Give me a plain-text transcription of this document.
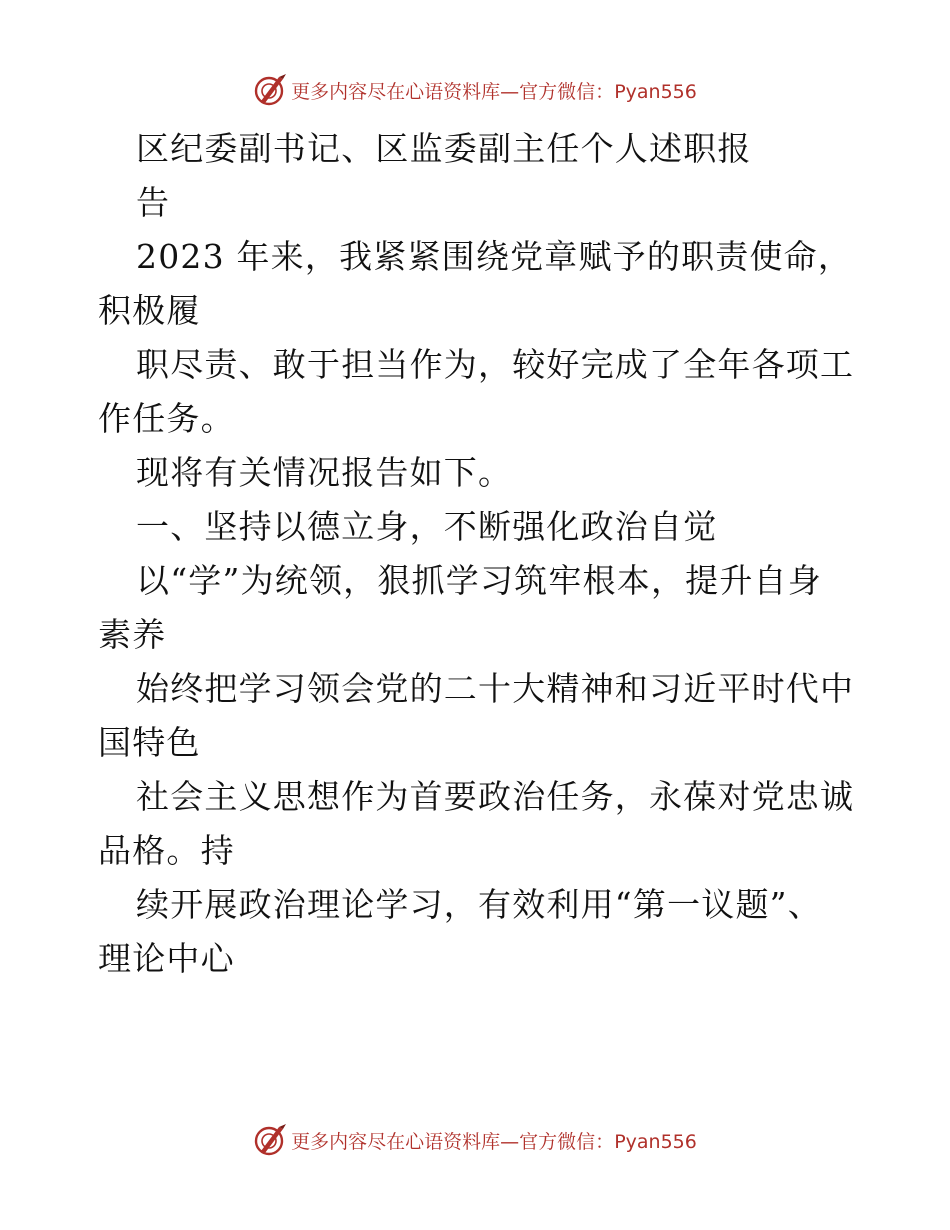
更多内容尽在心语资料库—官方微信：Pyan556
区纪委副书记、区监委副主任个人述职报
告
2023 年来，我紧紧围绕党章赋予的职责使命，
积极履
职尽责、敢于担当作为，较好完成了全年各项工
作任务。
现将有关情况报告如下。
一、坚持以德立身，不断强化政治自觉
以“学”为统领，狠抓学习筑牢根本，提升自身
素养
始终把学习领会党的二十大精神和习近平时代中
国特色
社会主义思想作为首要政治任务，永葆对党忠诚
品格。持
续开展政治理论学习，有效利用“第一议题”、
理论中心
更多内容尽在心语资料库—官方微信：Pyan556
